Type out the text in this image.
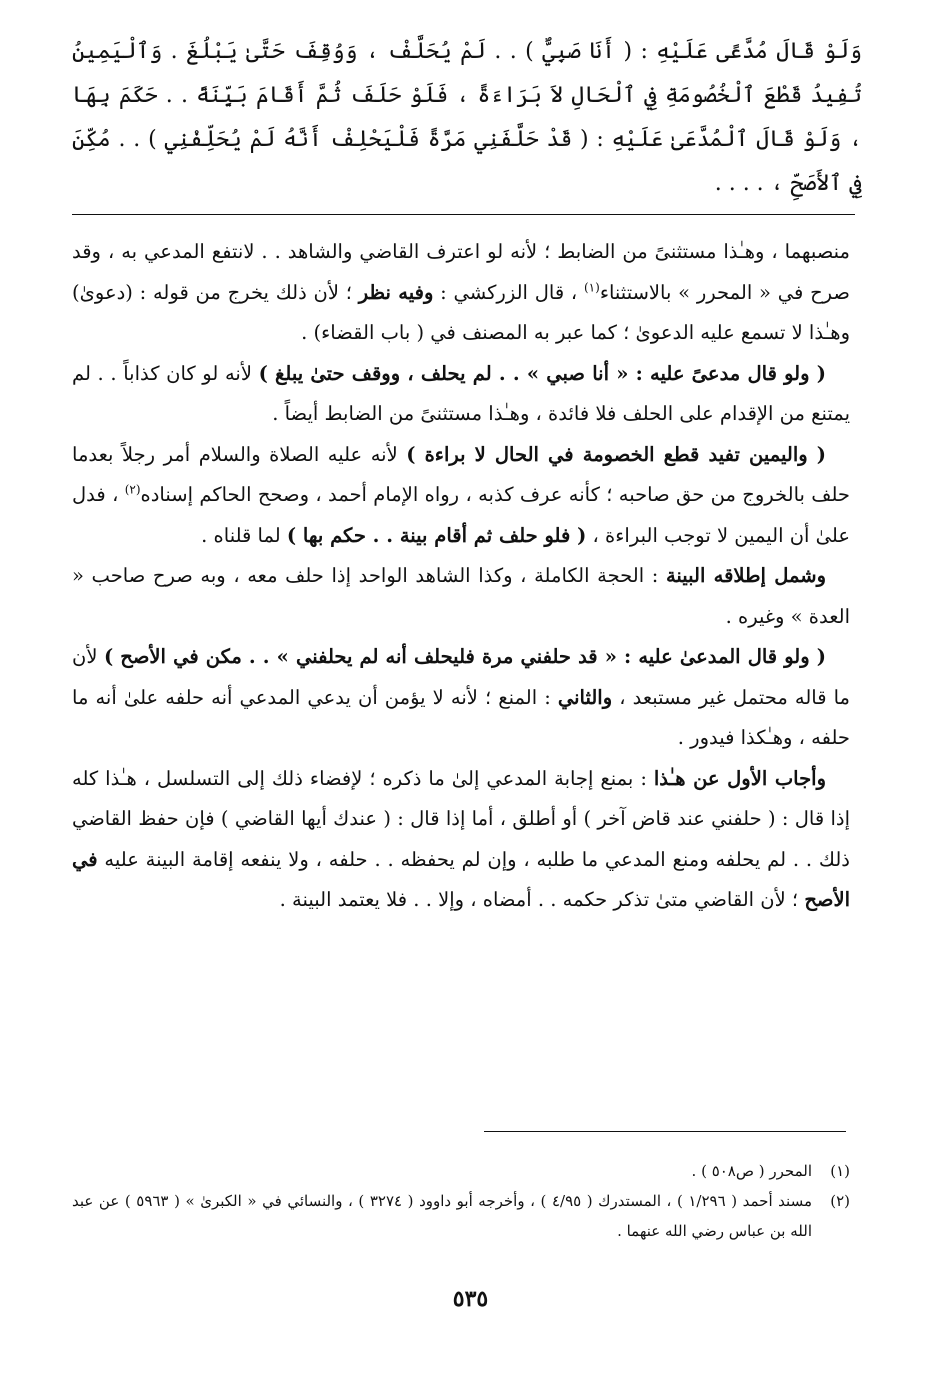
وَلَوْ قَالَ مُدَّعًى عَلَيْهِ : ( أَنَا صَبِيٌّ ) . . لَمْ يُحَلَّفْ ، وَوُقِفَ حَتَّىٰ يَبْلُغَ . وَٱلْيَمِينُ تُفِيدُ قَطْعَ ٱلْخُصُومَةِ فِي ٱلْحَالِ لاَ بَرَاءَةً ، فَلَوْ حَلَفَ ثُمَّ أَقَامَ بَيِّنَةً . . حَكَمَ بِهَا ، وَلَوْ قَالَ ٱلْمُدَّعَىٰ عَلَيْهِ : ( قَدْ حَلَّفَنِي مَرَّةً فَلْيَحْلِفْ أَنَّهُ لَمْ يُحَلِّفْنِي ) . . مُكِّنَ فِي ٱلأَصَحِّ ، . . . .

منصبهما ، وهـٰذا مستثنىً من الضابط ؛ لأنه لو اعترف القاضي والشاهد . . لانتفع المدعي به ، وقد صرح في « المحرر » بالاستثناء$^{(١)}$ ، قال الزركشي : وفيه نظر ؛ لأن ذلك يخرج من قوله : (دعوىٰ) وهـٰذا لا تسمع عليه الدعوىٰ ؛ كما عبر به المصنف في ( باب القضاء) .

( ولو قال مدعىً عليه : « أنا صبي » . . لم يحلف ، ووقف حتىٰ يبلغ ) لأنه لو كان كذاباً . . لم يمتنع من الإقدام على الحلف فلا فائدة ، وهـٰذا مستثنىً من الضابط أيضاً .

( واليمين تفيد قطع الخصومة في الحال لا براءة ) لأنه عليه الصلاة والسلام أمر رجلاً بعدما حلف بالخروج من حق صاحبه ؛ كأنه عرف كذبه ، رواه الإمام أحمد ، وصحح الحاكم إسناده$^{(٢)}$ ، فدل علىٰ أن اليمين لا توجب البراءة ، ( فلو حلف ثم أقام بينة . . حكم بها ) لما قلناه .

وشمل إطلاقه البينة : الحجة الكاملة ، وكذا الشاهد الواحد إذا حلف معه ، وبه صرح صاحب « العدة » وغيره .

( ولو قال المدعىٰ عليه : « قد حلفني مرة فليحلف أنه لم يحلفني » . . مكن في الأصح ) لأن ما قاله محتمل غير مستبعد ، والثاني : المنع ؛ لأنه لا يؤمن أن يدعي المدعي أنه حلفه علىٰ أنه ما حلفه ، وهـٰكذا فيدور .

وأجاب الأول عن هـٰذا : بمنع إجابة المدعي إلىٰ ما ذكره ؛ لإفضاء ذلك إلى التسلسل ، هـٰذا كله إذا قال : ( حلفني عند قاض آخر ) أو أطلق ، أما إذا قال : ( عندك أيها القاضي ) فإن حفظ القاضي ذلك . . لم يحلفه ومنع المدعي ما طلبه ، وإن لم يحفظه . . حلفه ، ولا ينفعه إقامة البينة عليه في الأصح ؛ لأن القاضي متىٰ تذكر حكمه . . أمضاه ، وإلا . . فلا يعتمد البينة .

(١)
المحرر ( ص٥٠٨ ) .
(٢)
مسند أحمد ( ١/٢٩٦ ) ، المستدرك ( ٤/٩٥ ) ، وأخرجه أبو داوود ( ٣٢٧٤ ) ، والنسائي في « الكبرىٰ » ( ٥٩٦٣ ) عن عبد الله بن عباس رضي الله عنهما .
٥٣٥
